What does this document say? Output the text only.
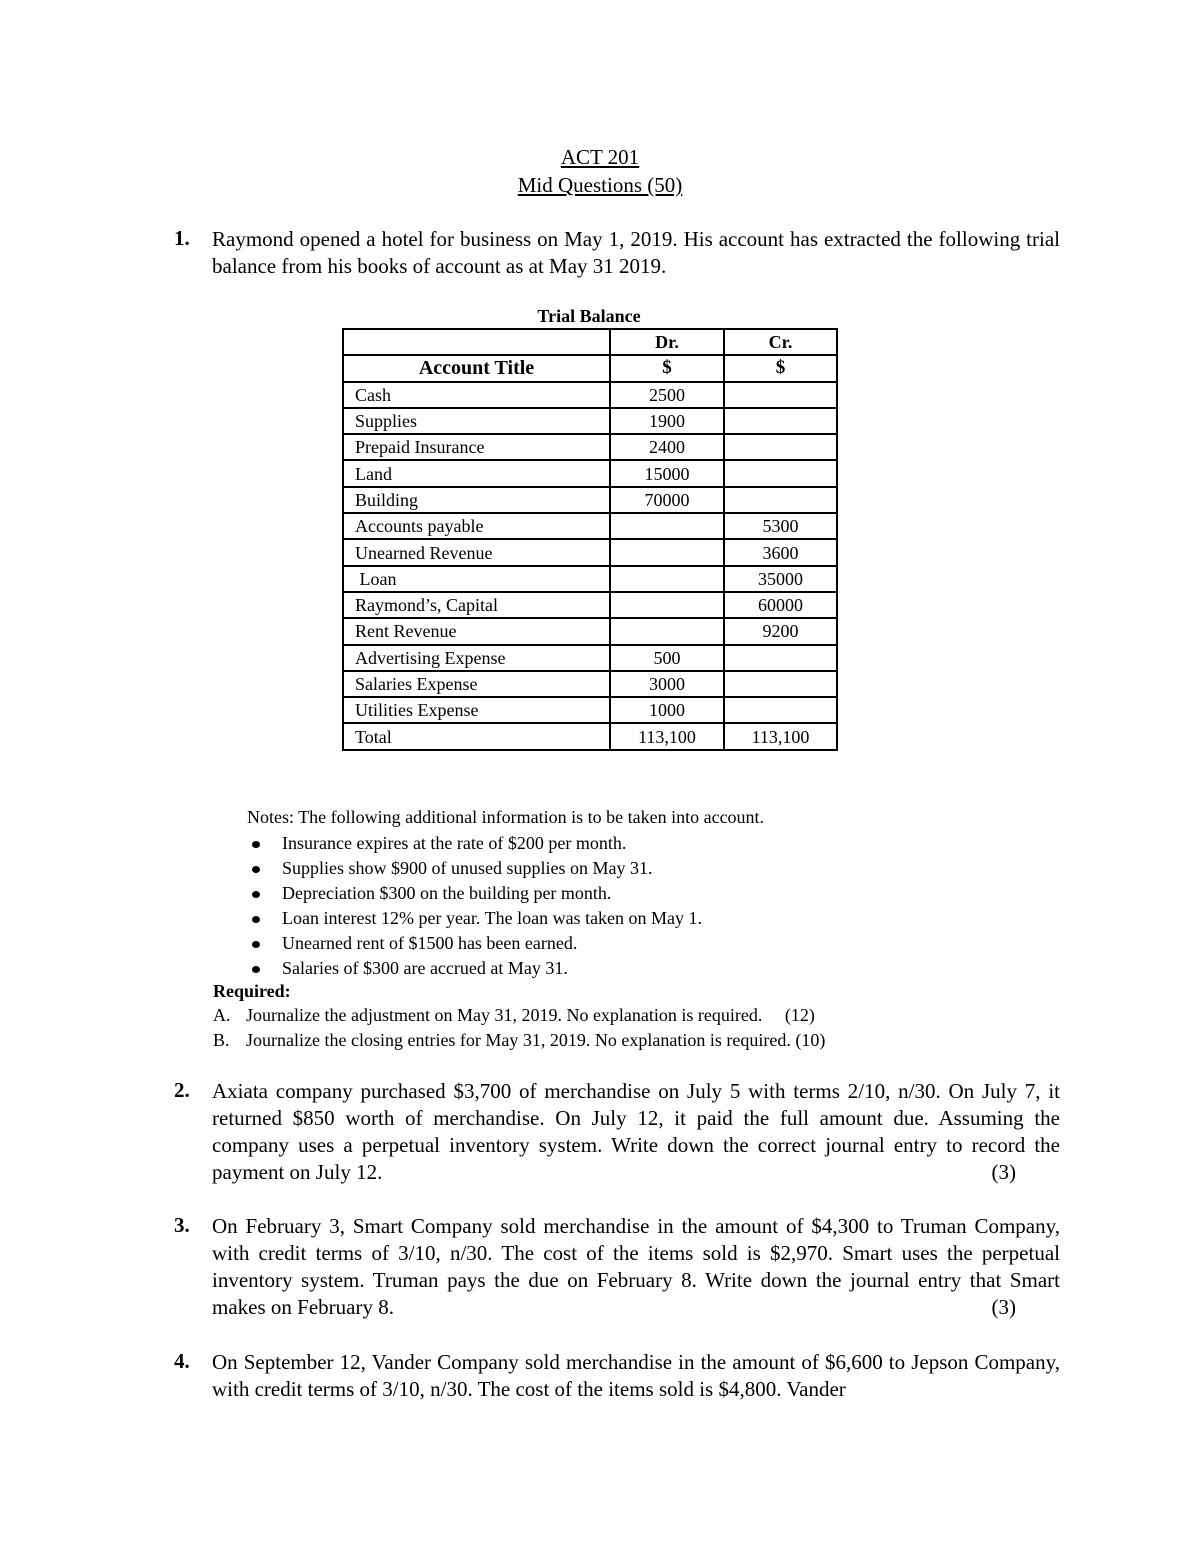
ACT 201
Mid Questions (50)
1. Raymond opened a hotel for business on May 1, 2019. His account has extracted the following trial balance from his books of account as at May 31 2019.
Trial Balance
	Dr.	Cr.
Account Title	$	$
Cash	2500	
Supplies	1900	
Prepaid Insurance	2400	
Land	15000	
Building	70000	
Accounts payable		5300
Unearned Revenue		3600
Loan		35000
Raymond’s, Capital		60000
Rent Revenue		9200
Advertising Expense	500	
Salaries Expense	3000	
Utilities Expense	1000	
Total	113,100	113,100
Notes: The following additional information is to be taken into account.
Insurance expires at the rate of $200 per month.
Supplies show $900 of unused supplies on May 31.
Depreciation $300 on the building per month.
Loan interest 12% per year. The loan was taken on May 1.
Unearned rent of $1500 has been earned.
Salaries of $300 are accrued at May 31.
Required:
A. Journalize the adjustment on May 31, 2019. No explanation is required.     (12)
B. Journalize the closing entries for May 31, 2019. No explanation is required. (10)
2. Axiata company purchased $3,700 of merchandise on July 5 with terms 2/10, n/30. On July 7, it returned $850 worth of merchandise. On July 12, it paid the full amount due. Assuming the company uses a perpetual inventory system. Write down the correct journal entry to record the payment on July 12.	(3)
3. On February 3, Smart Company sold merchandise in the amount of $4,300 to Truman Company, with credit terms of 3/10, n/30. The cost of the items sold is $2,970. Smart uses the perpetual inventory system. Truman pays the due on February 8. Write down the journal entry that Smart makes on February 8.	(3)
4. On September 12, Vander Company sold merchandise in the amount of $6,600 to Jepson Company, with credit terms of 3/10, n/30. The cost of the items sold is $4,800. Vander
